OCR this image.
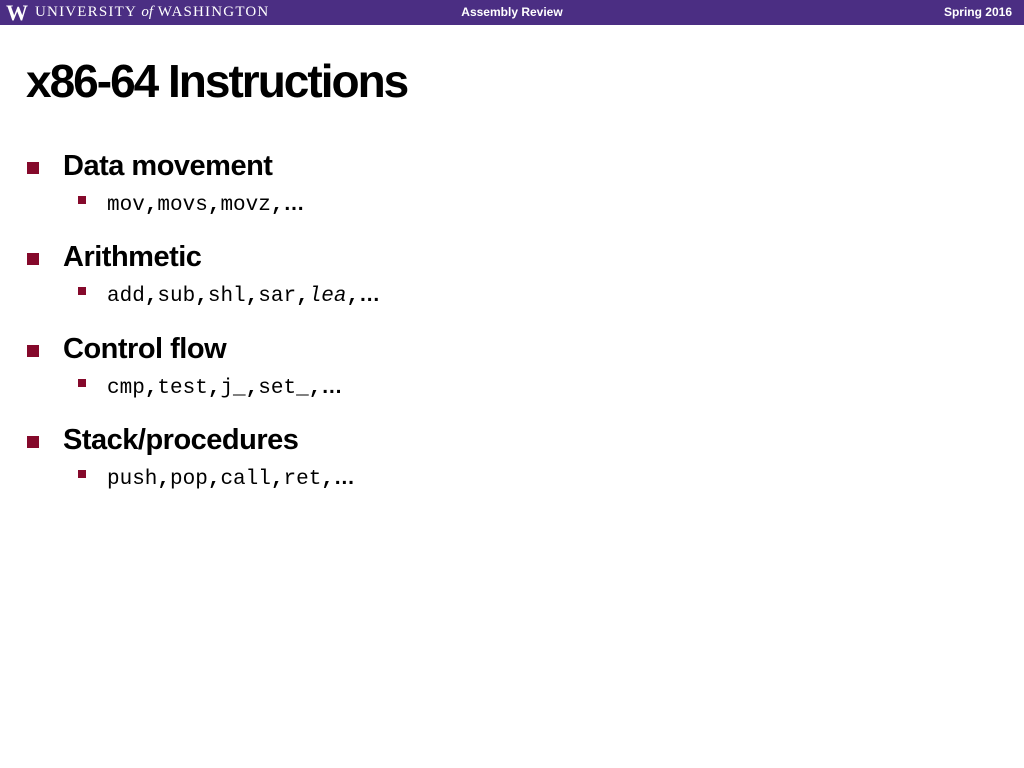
W UNIVERSITY of WASHINGTON	Assembly Review	Spring 2016
x86-64 Instructions
Data movement
mov,movs,movz,…
Arithmetic
add,sub,shl,sar,lea,…
Control flow
cmp,test,j_,set_,…
Stack/procedures
push,pop,call,ret,…
